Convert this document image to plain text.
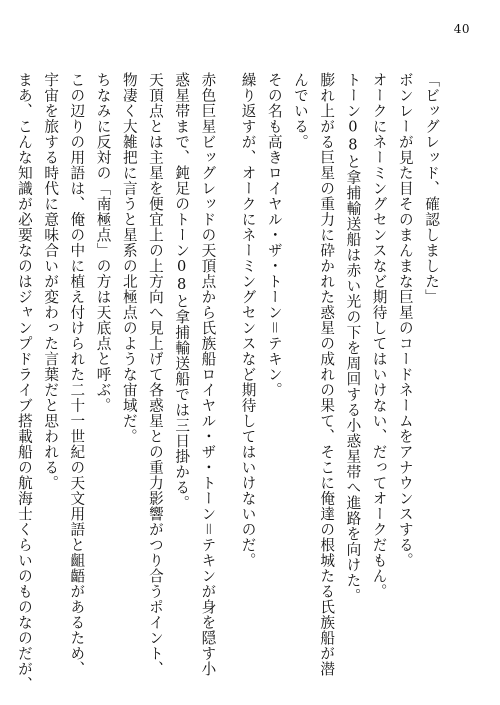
40
「ビッグレッド、確認しました」
ボンレーが見た目そのまんまな巨星のコードネームをアナウンスする。
オークにネーミングセンスなど期待してはいけない、だってオークだもん。
トーン08と拿捕輸送船は赤い光の下を周回する小惑星帯へ進路を向けた。
膨れ上がる巨星の重力に砕かれた惑星の成れの果て、そこに俺達の根城たる氏族船が潜
んでいる。
その名も高きロイヤル・ザ・トーン＝テキン。
繰り返すが、オークにネーミングセンスなど期待してはいけないのだ。
赤色巨星ビッグレッドの天頂点から氏族船ロイヤル・ザ・トーン＝テキンが身を隠す小
惑星帯まで、鈍足のトーン08と拿捕輸送船では三日掛かる。
天頂点とは主星を便宜上の上方向へ見上げて各惑星との重力影響がつり合うポイント、
物凄く大雑把に言うと星系の北極点のような宙域だ。
ちなみに反対の「南極点」の方は天底点と呼ぶ。
この辺りの用語は、俺の中に植え付けられた二十一世紀の天文用語と齟齬があるため、
宇宙を旅する時代に意味合いが変わった言葉だと思われる。
まあ、こんな知識が必要なのはジャンプドライブ搭載船の航海士くらいのものなのだが、
